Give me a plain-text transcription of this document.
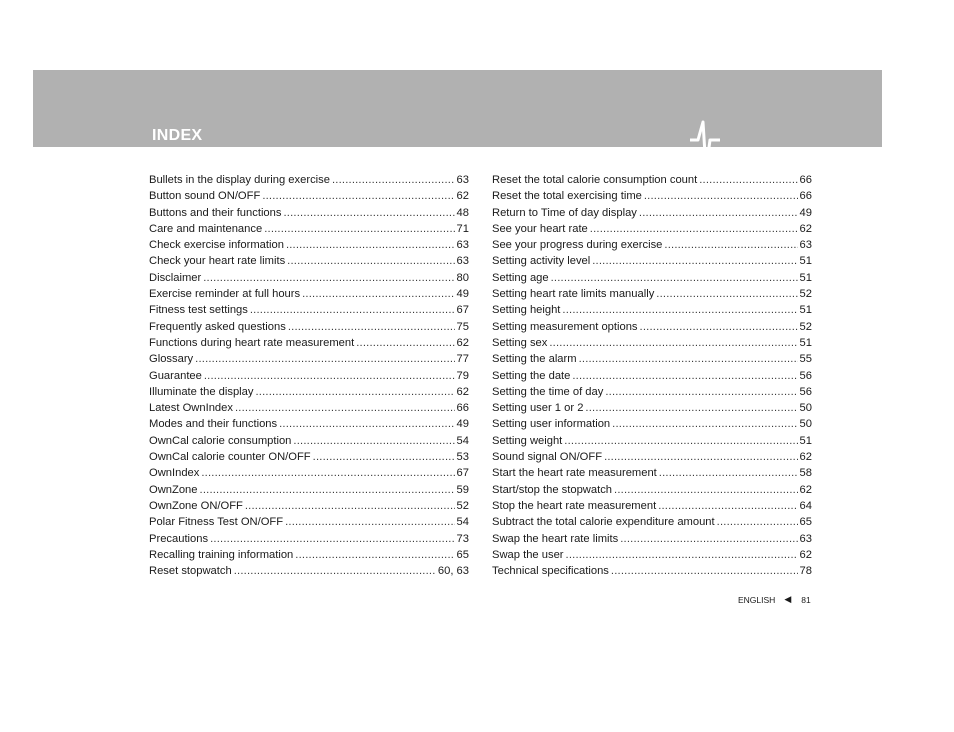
INDEX
Bullets in the display during exercise .....	63
Button sound ON/OFF .....	62
Buttons and their functions .....	48
Care and maintenance .....	71
Check exercise information .....	63
Check your heart rate limits .....	63
Disclaimer .....	80
Exercise reminder at full hours .....	49
Fitness test settings .....	67
Frequently asked questions .....	75
Functions during heart rate measurement .....	62
Glossary .....	77
Guarantee .....	79
Illuminate the display .....	62
Latest OwnIndex .....	66
Modes and their functions .....	49
OwnCal calorie consumption .....	54
OwnCal calorie counter ON/OFF .....	53
OwnIndex .....	67
OwnZone .....	59
OwnZone ON/OFF .....	52
Polar Fitness Test ON/OFF .....	54
Precautions .....	73
Recalling training information .....	65
Reset stopwatch .....	60, 63
Reset the total calorie consumption count .....	66
Reset the total exercising time .....	66
Return to Time of day display .....	49
See your heart rate .....	62
See your progress during exercise .....	63
Setting activity level .....	51
Setting age .....	51
Setting heart rate limits manually .....	52
Setting height .....	51
Setting measurement options .....	52
Setting sex .....	51
Setting the alarm .....	55
Setting the date .....	56
Setting the time of day .....	56
Setting user 1 or 2 .....	50
Setting user information .....	50
Setting weight .....	51
Sound signal ON/OFF .....	62
Start the heart rate measurement .....	58
Start/stop the stopwatch .....	62
Stop the heart rate measurement .....	64
Subtract the total calorie expenditure amount .....	65
Swap the heart rate limits .....	63
Swap the user .....	62
Technical specifications .....	78
ENGLISH ◀ 81
